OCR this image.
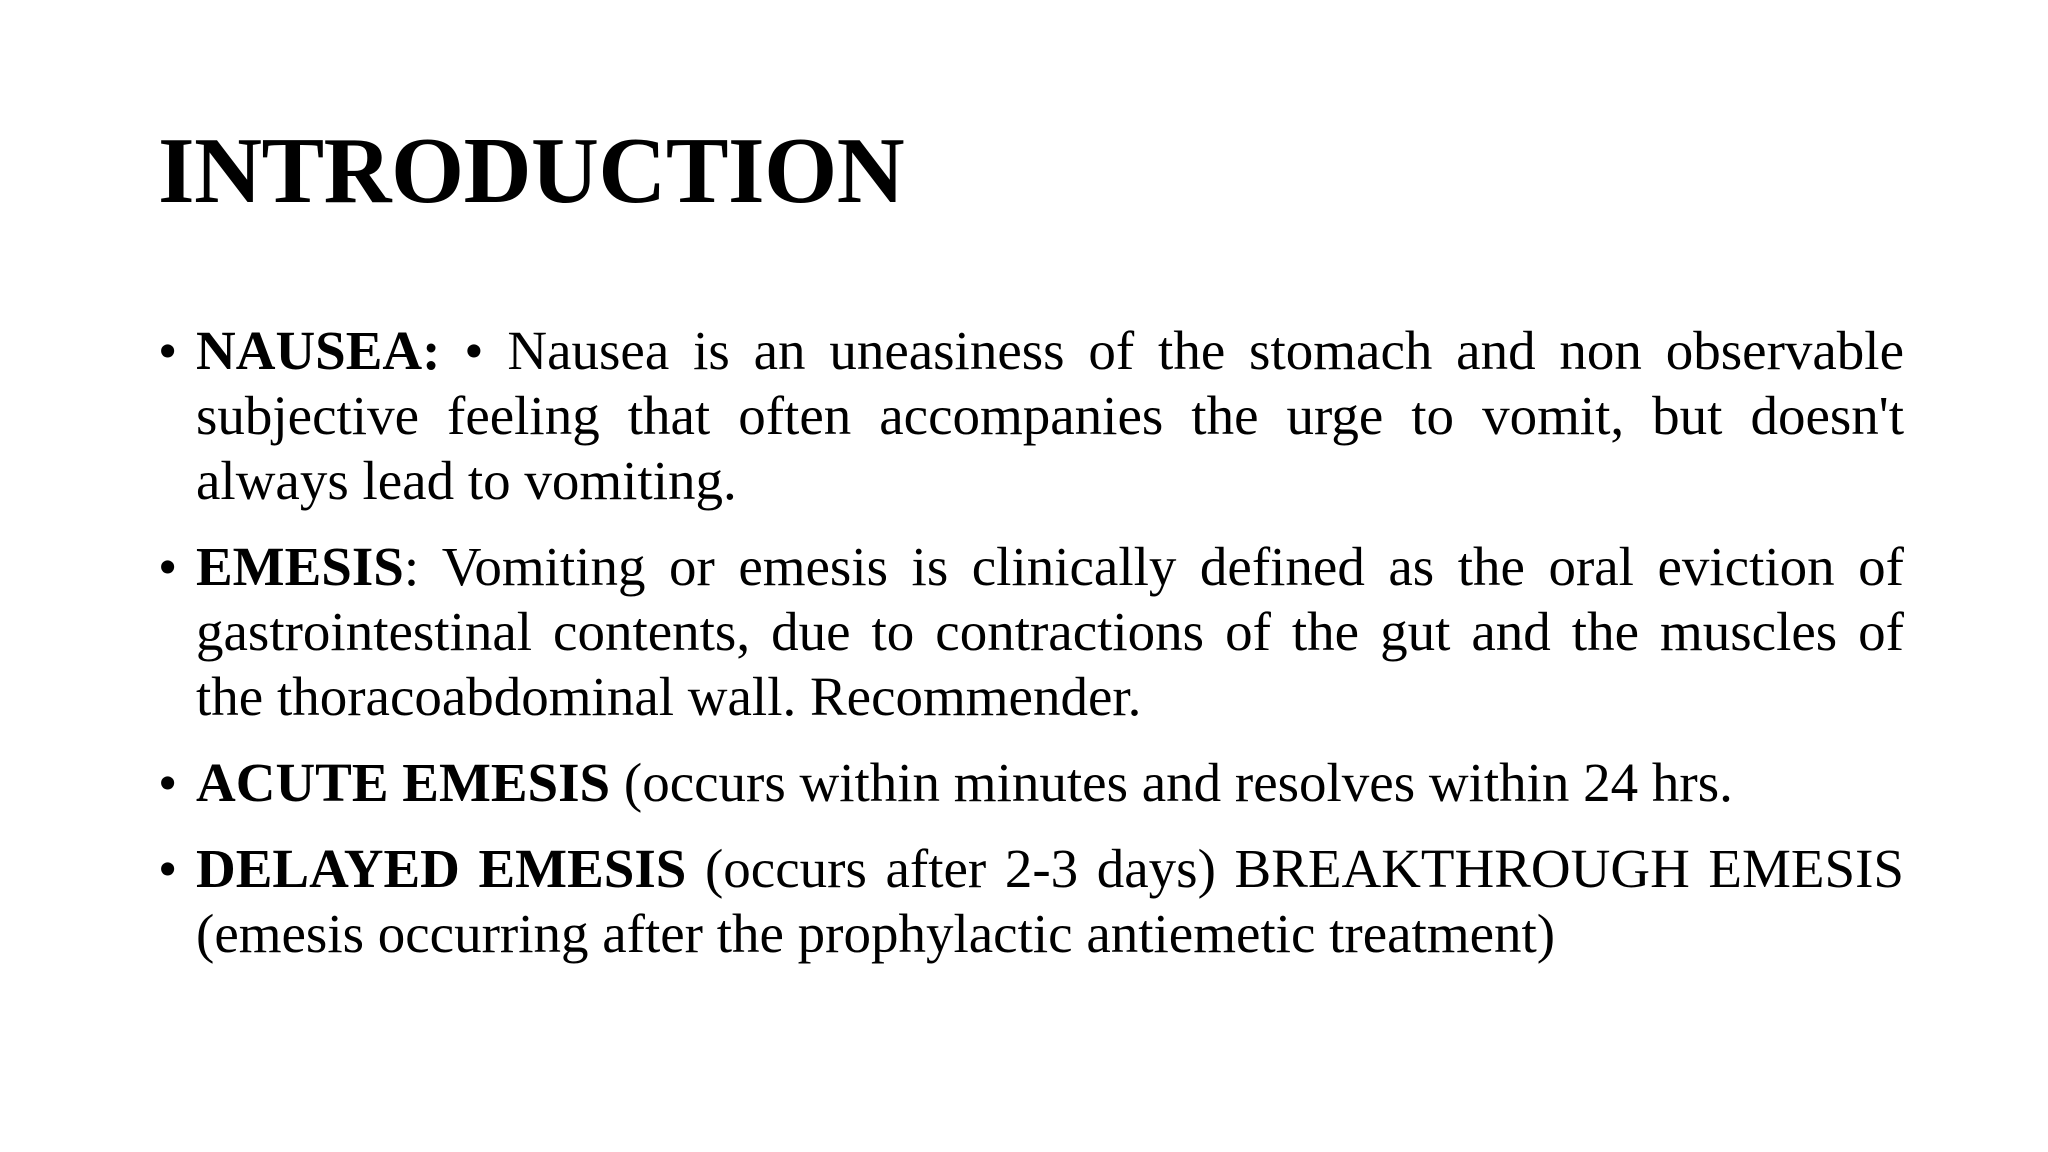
INTRODUCTION
• NAUSEA: • Nausea is an uneasiness of the stomach and non observable subjective feeling that often accompanies the urge to vomit, but doesn't always lead to vomiting.
• EMESIS: Vomiting or emesis is clinically defined as the oral eviction of gastrointestinal contents, due to contractions of the gut and the muscles of the thoracoabdominal wall. Recommender.
• ACUTE EMESIS (occurs within minutes and resolves within 24 hrs.
• DELAYED EMESIS (occurs after 2-3 days) BREAKTHROUGH EMESIS (emesis occurring after the prophylactic antiemetic treatment)
